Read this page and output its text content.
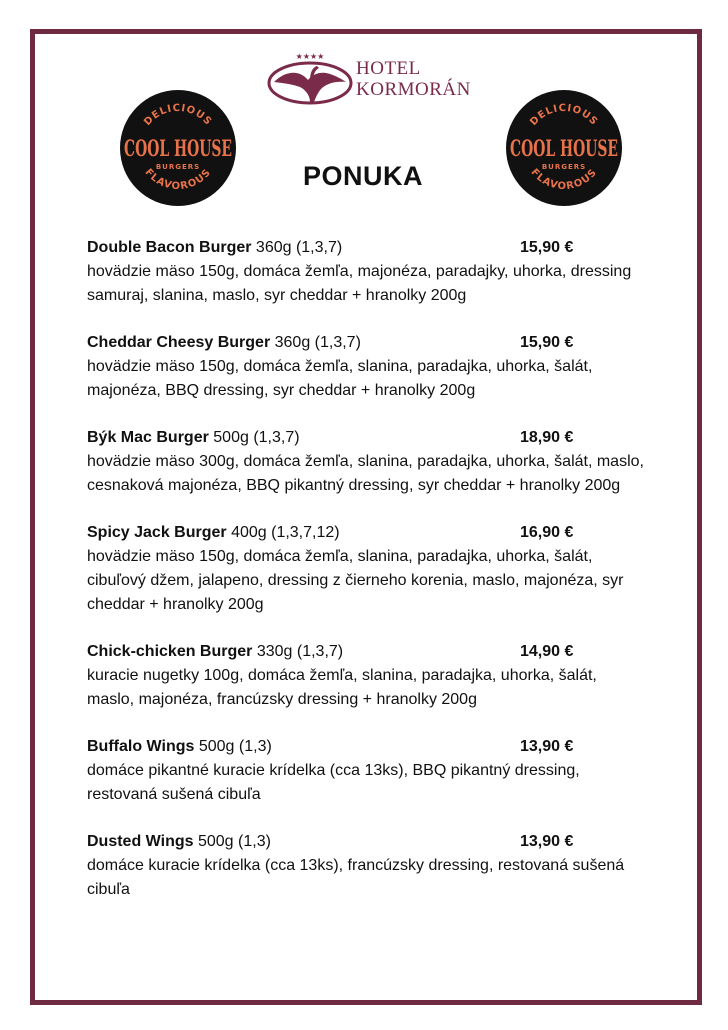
★★★★
HOTEL
KORMORÁN
DELICIOUS
COOL HOUSE
BURGERS
FLAVOROUS
DELICIOUS
COOL HOUSE
BURGERS
FLAVOROUS
PONUKA
Double Bacon Burger 360g (1,3,7)	15,90 €

hovädzie mäso 150g, domáca žemľa, majonéza, paradajky, uhorka, dressing samuraj, slanina, maslo, syr cheddar + hranolky 200g

Cheddar Cheesy Burger 360g (1,3,7)	15,90 €

hovädzie mäso 150g, domáca žemľa, slanina, paradajka, uhorka, šalát, majonéza, BBQ dressing, syr cheddar + hranolky 200g

Býk Mac Burger 500g (1,3,7)	18,90 €

hovädzie mäso 300g, domáca žemľa, slanina, paradajka, uhorka, šalát, maslo, cesnaková majonéza, BBQ pikantný dressing, syr cheddar + hranolky 200g

Spicy Jack Burger 400g (1,3,7,12)	16,90 €

hovädzie mäso 150g, domáca žemľa, slanina, paradajka, uhorka, šalát, cibuľový džem, jalapeno, dressing z čierneho korenia, maslo, majonéza, syr cheddar + hranolky 200g

Chick-chicken Burger 330g (1,3,7)	14,90 €

kuracie nugetky 100g, domáca žemľa, slanina, paradajka, uhorka, šalát, maslo, majonéza, francúzsky dressing + hranolky 200g

Buffalo Wings 500g (1,3)	13,90 €

domáce pikantné kuracie krídelka (cca 13ks), BBQ pikantný dressing, restovaná sušená cibuľa

Dusted Wings 500g (1,3)	13,90 €

domáce kuracie krídelka (cca 13ks), francúzsky dressing, restovaná sušená cibuľa
